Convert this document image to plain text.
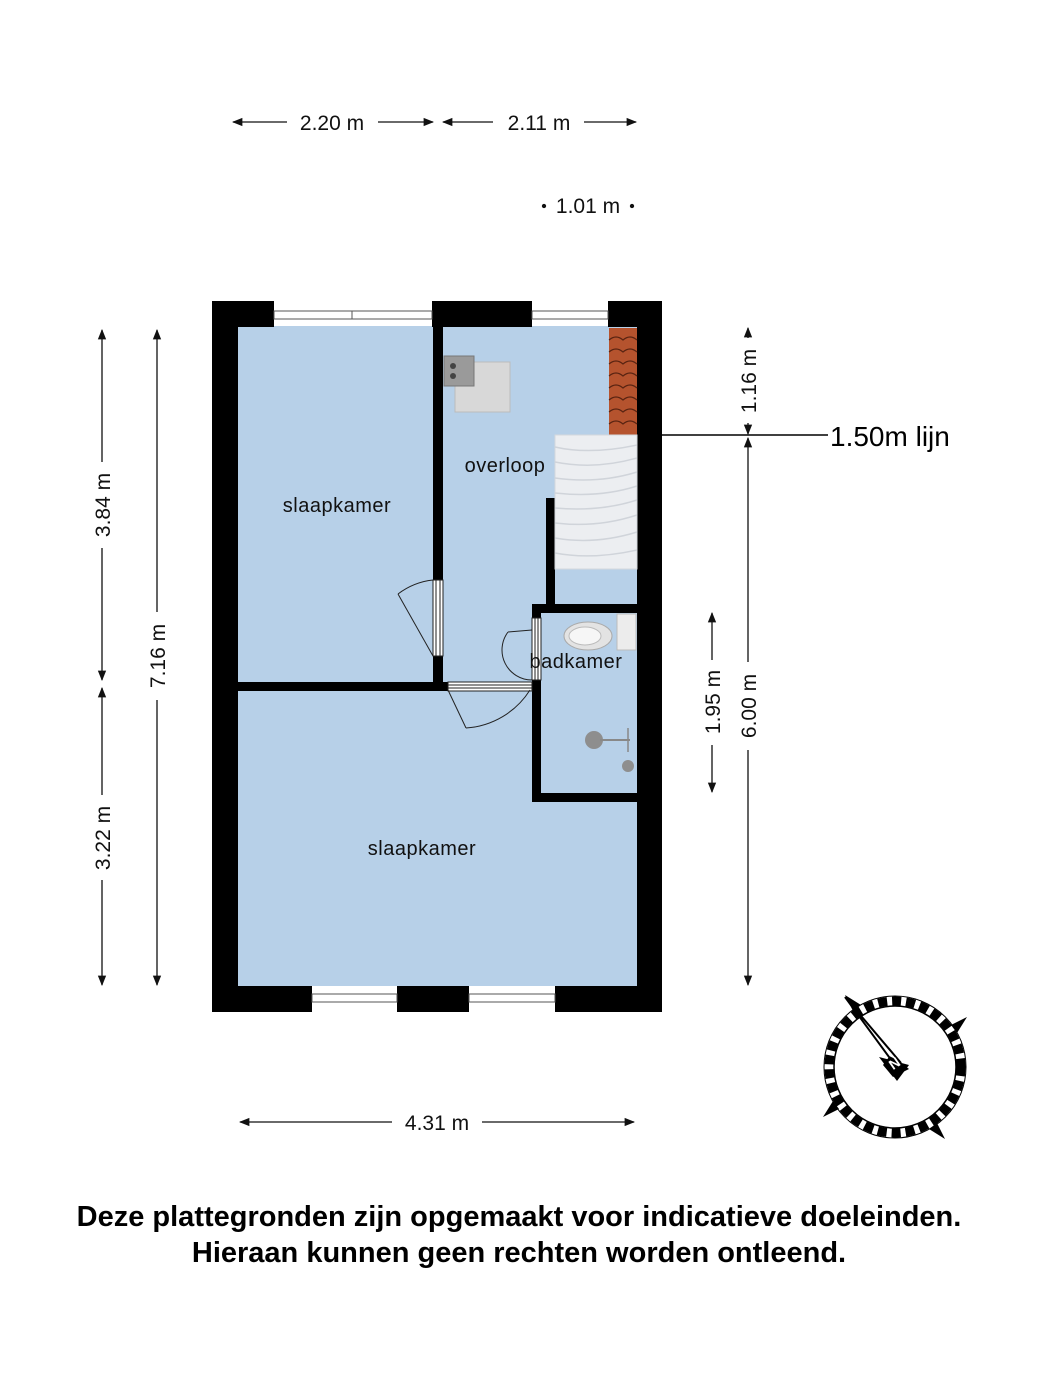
1.50m lijn
slaapkamer
overloop
badkamer
slaapkamer
2.20 m	2.11 m
1.01 m
4.31 m
3.84 m
3.22 m
7.16 m
1.16 m
1.95 m 6.00 m
N
Deze plattegronden zijn opgemaakt voor indicatieve doeleinden.
Hieraan kunnen geen rechten worden ontleend.
